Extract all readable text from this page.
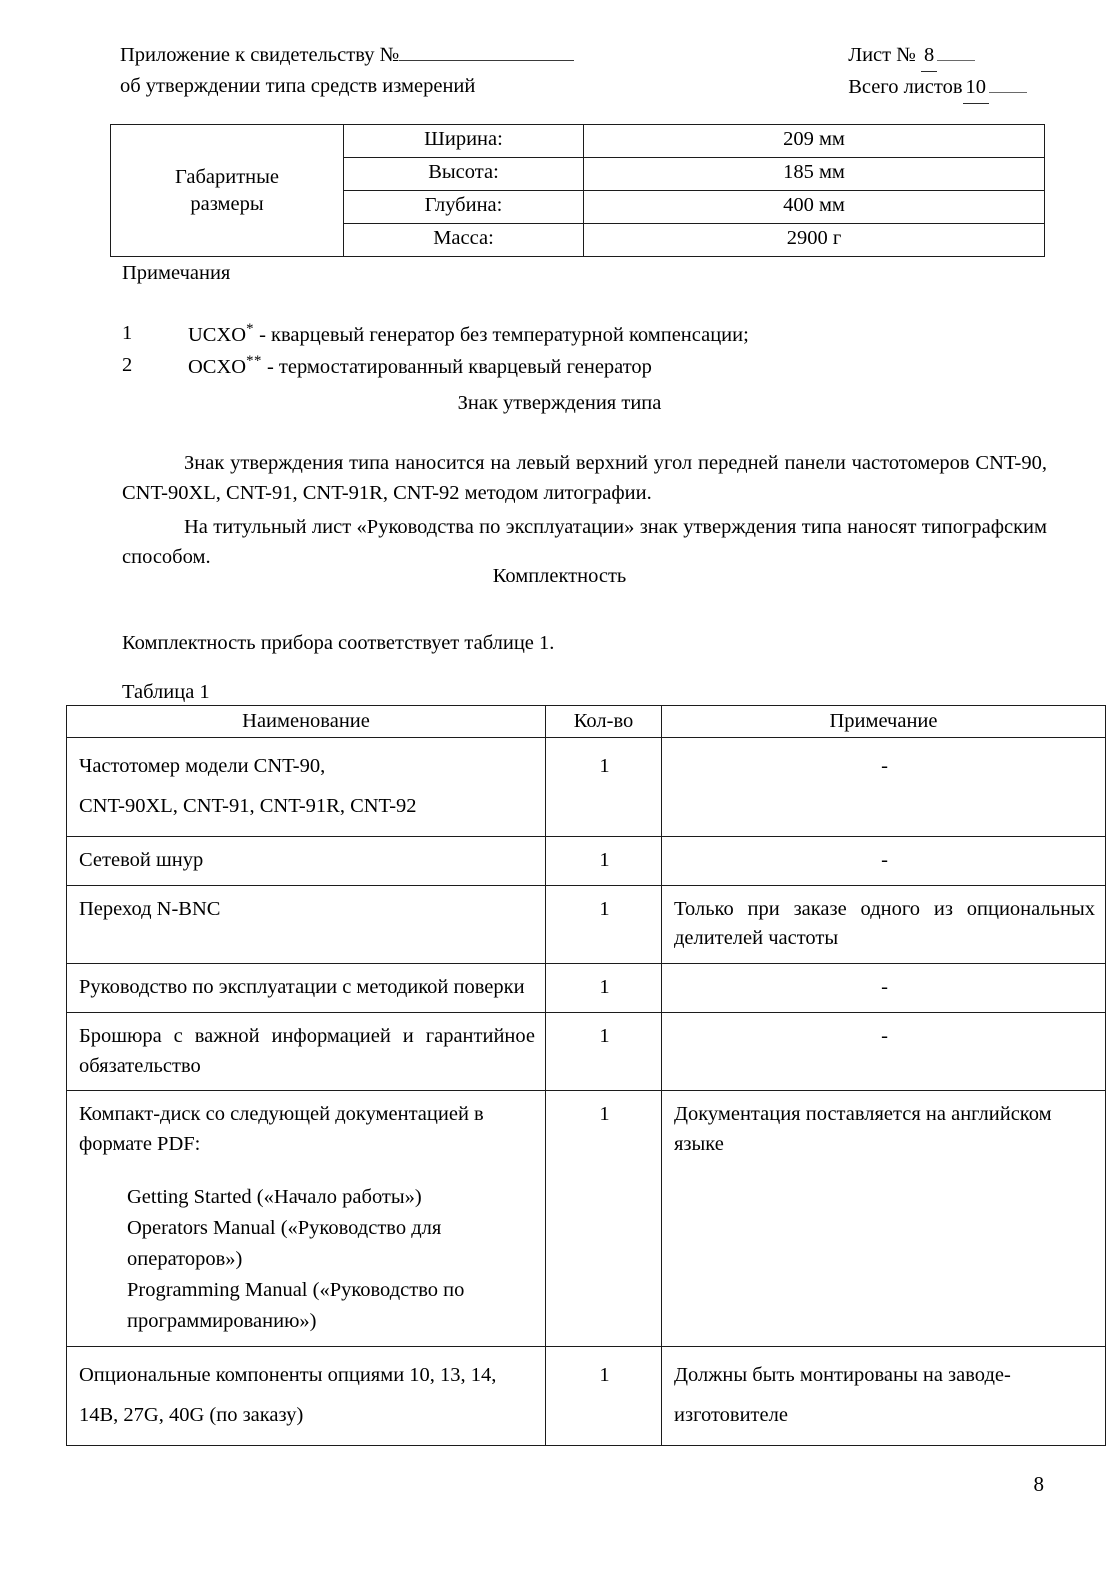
Приложение к свидетельству №
об утверждении типа средств измерений
Лист № 8
Всего листов 10
Габаритные
размеры	Ширина:	209 мм
	Высота:	185 мм
	Глубина:	400 мм
	Масса:	2900 г
Примечания
1	UCXO* - кварцевый генератор без температурной компенсации;
2	OCXO** - термостатированный кварцевый генератор
Знак утверждения типа
Знак утверждения типа наносится на левый верхний угол передней панели частотомеров CNT-90, CNT-90XL, CNT-91, CNT-91R, CNT-92 методом литографии.
На титульный лист «Руководства по эксплуатации» знак утверждения типа наносят типографским способом.
Комплектность
Комплектность прибора соответствует таблице 1.
Таблица 1
Наименование	Кол-во	Примечание

Частотомер модели CNT-90,
CNT-90XL, CNT-91, CNT-91R, CNT-92	1	-
Сетевой шнур	1	-
Переход N-BNC	1	Только при заказе одного из опциональных делителей частоты
Руководство по эксплуатации с методикой поверки	1	-
Брошюра с важной информацией и гарантийное обязательство	1	-

Компакт-диск со следующей документацией в формате PDF:
Getting Started («Начало работы»)
Operators Manual («Руководство для операторов»)
Programming Manual («Руководство по программированию»)	1	Документация поставляется на английском языке
Опциональные компоненты опциями 10, 13, 14, 14B, 27G, 40G (по заказу)	1	Должны быть монтированы на заводе-изготовителе
8
